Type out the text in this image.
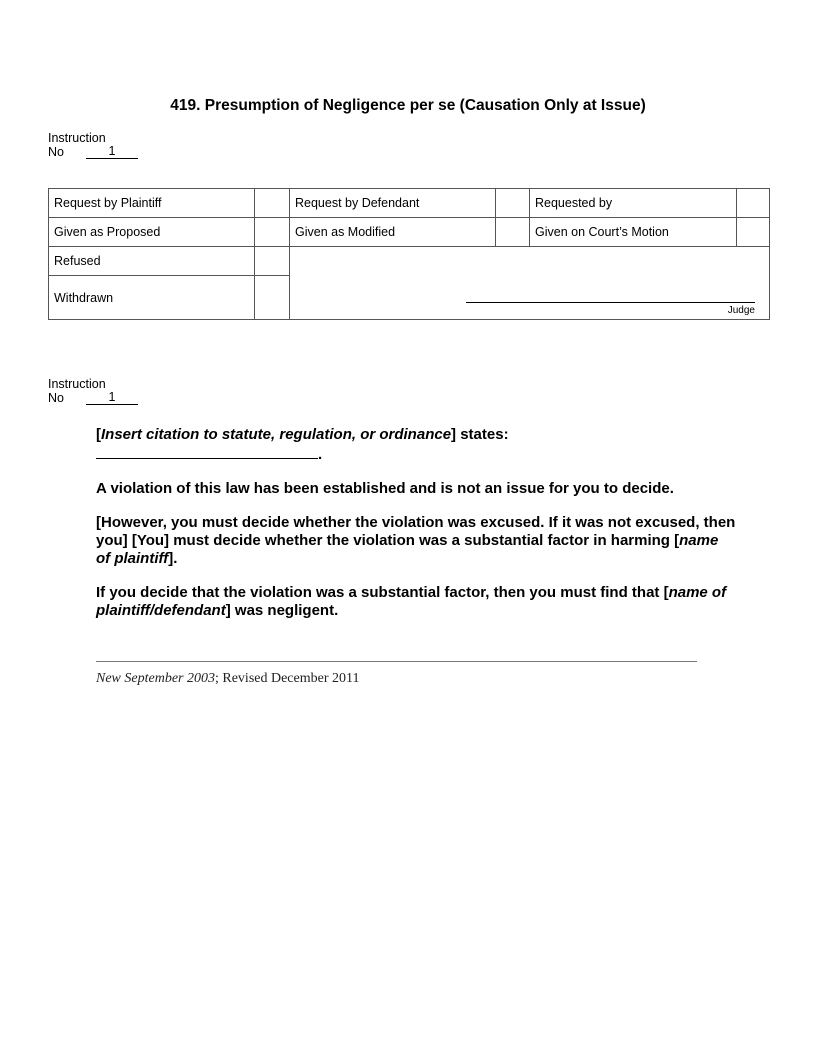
419. Presumption of Negligence per se (Causation Only at Issue)
Instruction
No	1
Request by Plaintiff		Request by Defendant		Requested by	
Given as Proposed		Given as Modified		Given on Court’s Motion	
Refused		Judge			

Withdrawn					
Instruction
No	1

[Insert citation to statute, regulation, or ordinance] states:
.

A violation of this law has been established and is not an issue for you to decide.

[However, you must decide whether the violation was excused. If it was not excused, then you] [You] must decide whether the violation was a substantial factor in harming [name of plaintiff].

If you decide that the violation was a substantial factor, then you must find that [name of plaintiff/defendant] was negligent.

New September 2003; Revised December 2011
